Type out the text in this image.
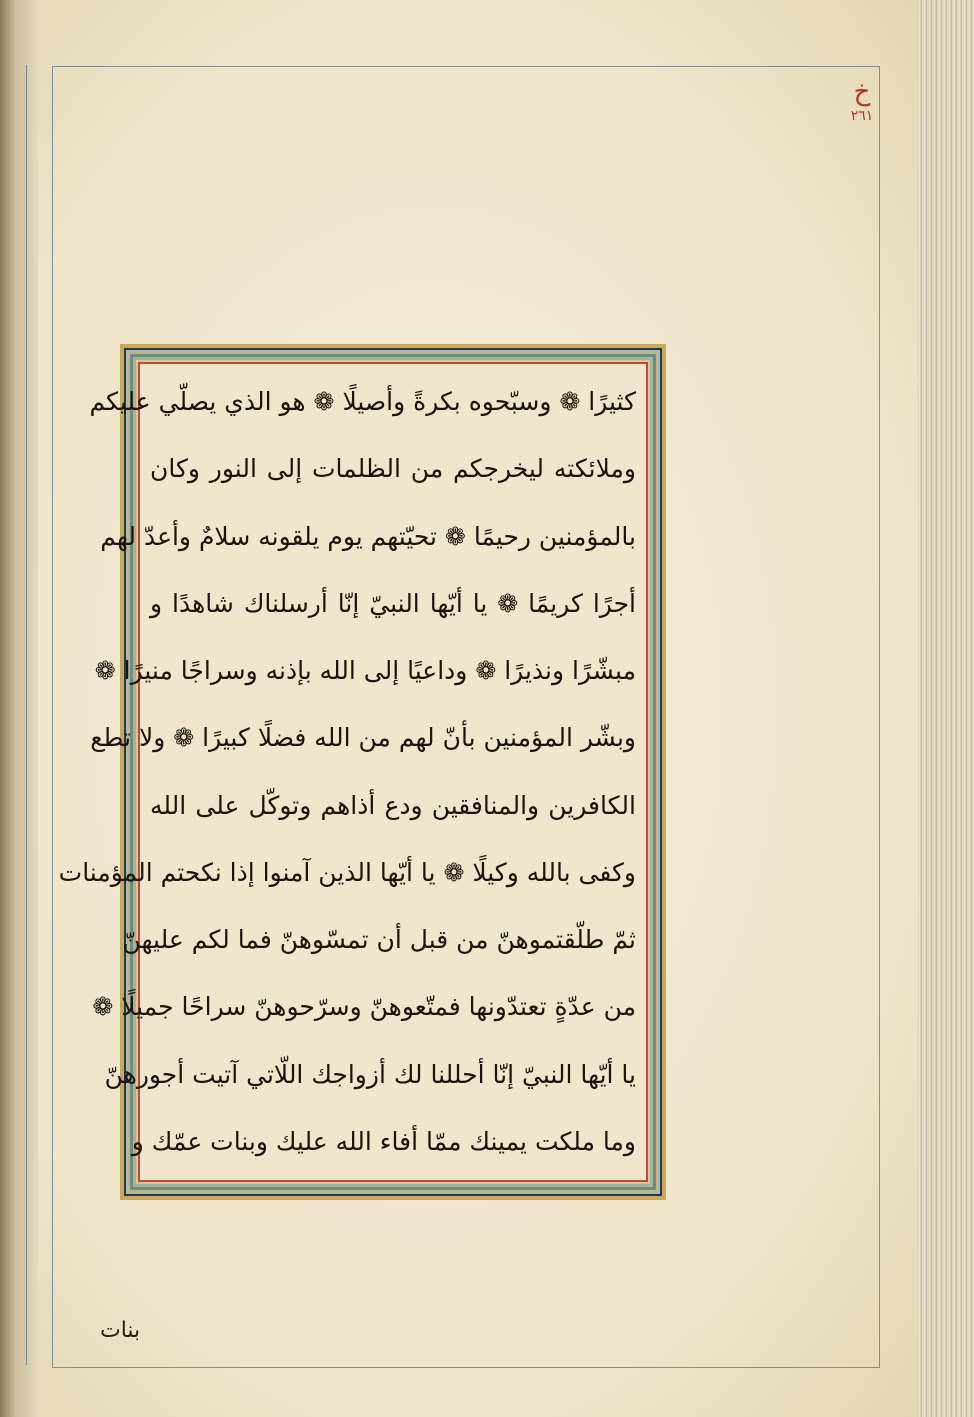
خ
٢٦١
كثيرًا ❁ وسبّحوه بكرةً وأصيلًا ❁ هو الذي يصلّي عليكم
وملائكته ليخرجكم من الظلمات إلى النور وكان
بالمؤمنين رحيمًا ❁ تحيّتهم يوم يلقونه سلامٌ وأعدّ لهم
أجرًا كريمًا ❁ يا أيّها النبيّ إنّا أرسلناك شاهدًا و
مبشّرًا ونذيرًا ❁ وداعيًا إلى الله بإذنه وسراجًا منيرًا ❁
وبشّر المؤمنين بأنّ لهم من الله فضلًا كبيرًا ❁ ولا تطع
الكافرين والمنافقين ودع أذاهم وتوكّل على الله
وكفى بالله وكيلًا ❁ يا أيّها الذين آمنوا إذا نكحتم المؤمنات
ثمّ طلّقتموهنّ من قبل أن تمسّوهنّ فما لكم عليهنّ
من عدّةٍ تعتدّونها فمتّعوهنّ وسرّحوهنّ سراحًا جميلًا ❁
يا أيّها النبيّ إنّا أحللنا لك أزواجك اللّاتي آتيت أجورهنّ
وما ملكت يمينك ممّا أفاء الله عليك وبنات عمّك و
بنات
